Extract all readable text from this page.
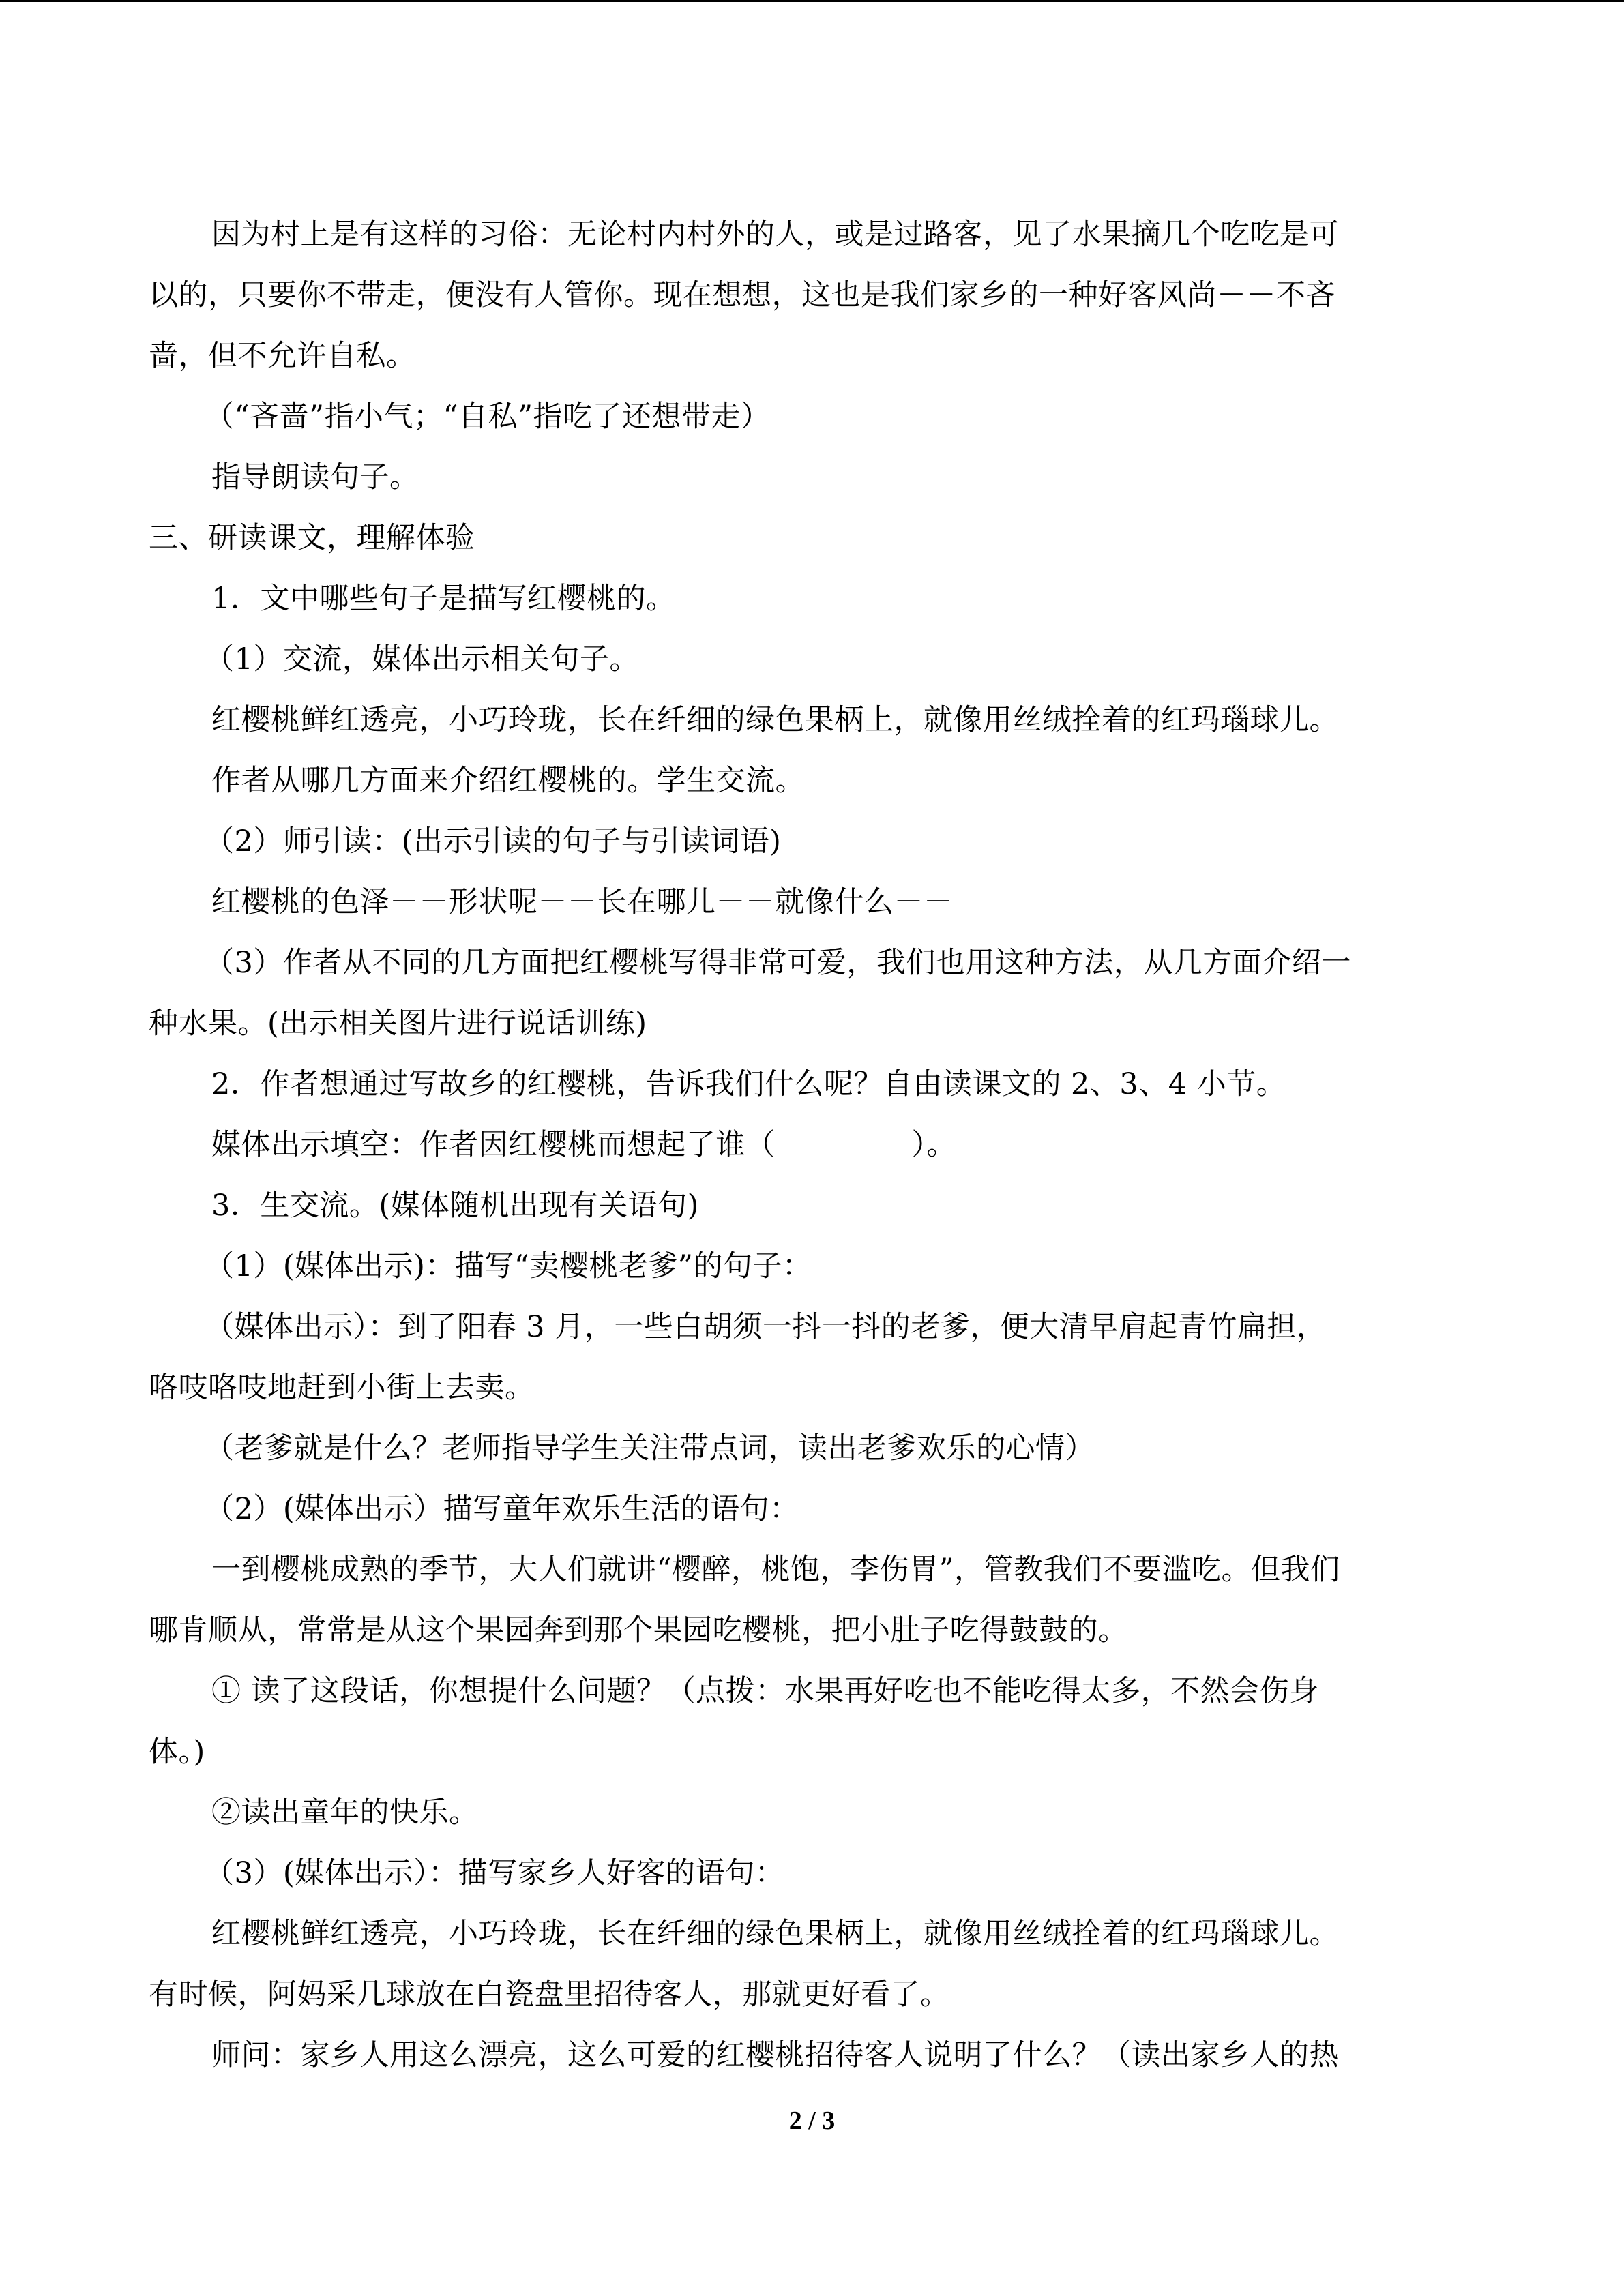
因为村上是有这样的习俗：无论村内村外的人，或是过路客，见了水果摘几个吃吃是可
以的，只要你不带走，便没有人管你。现在想想，这也是我们家乡的一种好客风尚－－不吝
啬，但不允许自私。
（“吝啬”指小气；“自私”指吃了还想带走）
指导朗读句子。
三、研读课文，理解体验
1．文中哪些句子是描写红樱桃的。
（1）交流，媒体出示相关句子。
红樱桃鲜红透亮，小巧玲珑，长在纤细的绿色果柄上，就像用丝绒拴着的红玛瑙球儿。
作者从哪几方面来介绍红樱桃的。学生交流。
（2）师引读：(出示引读的句子与引读词语)
红樱桃的色泽－－形状呢－－长在哪儿－－就像什么－－
（3）作者从不同的几方面把红樱桃写得非常可爱，我们也用这种方法，从几方面介绍一
种水果。(出示相关图片进行说话训练)
2．作者想通过写故乡的红樱桃，告诉我们什么呢？自由读课文的 2、3、4 小节。
媒体出示填空：作者因红樱桃而想起了谁（	）。
3．生交流。(媒体随机出现有关语句)
（1）(媒体出示)：描写“卖樱桃老爹”的句子：
（媒体出示）：到了阳春 3 月，一些白胡须一抖一抖的老爹，便大清早肩起青竹扁担，
咯吱咯吱地赶到小街上去卖。
（老爹就是什么？老师指导学生关注带点词，读出老爹欢乐的心情）
（2）(媒体出示）描写童年欢乐生活的语句：
一到樱桃成熟的季节，大人们就讲“樱醉，桃饱，李伤胃”，管教我们不要滥吃。但我们
哪肯顺从，常常是从这个果园奔到那个果园吃樱桃，把小肚子吃得鼓鼓的。
① 读了这段话，你想提什么问题？（点拨：水果再好吃也不能吃得太多，不然会伤身
体。)
②读出童年的快乐。
（3）(媒体出示）：描写家乡人好客的语句：
红樱桃鲜红透亮，小巧玲珑，长在纤细的绿色果柄上，就像用丝绒拴着的红玛瑙球儿。
有时候，阿妈采几球放在白瓷盘里招待客人，那就更好看了。
师问：家乡人用这么漂亮，这么可爱的红樱桃招待客人说明了什么？（读出家乡人的热
2 / 3
